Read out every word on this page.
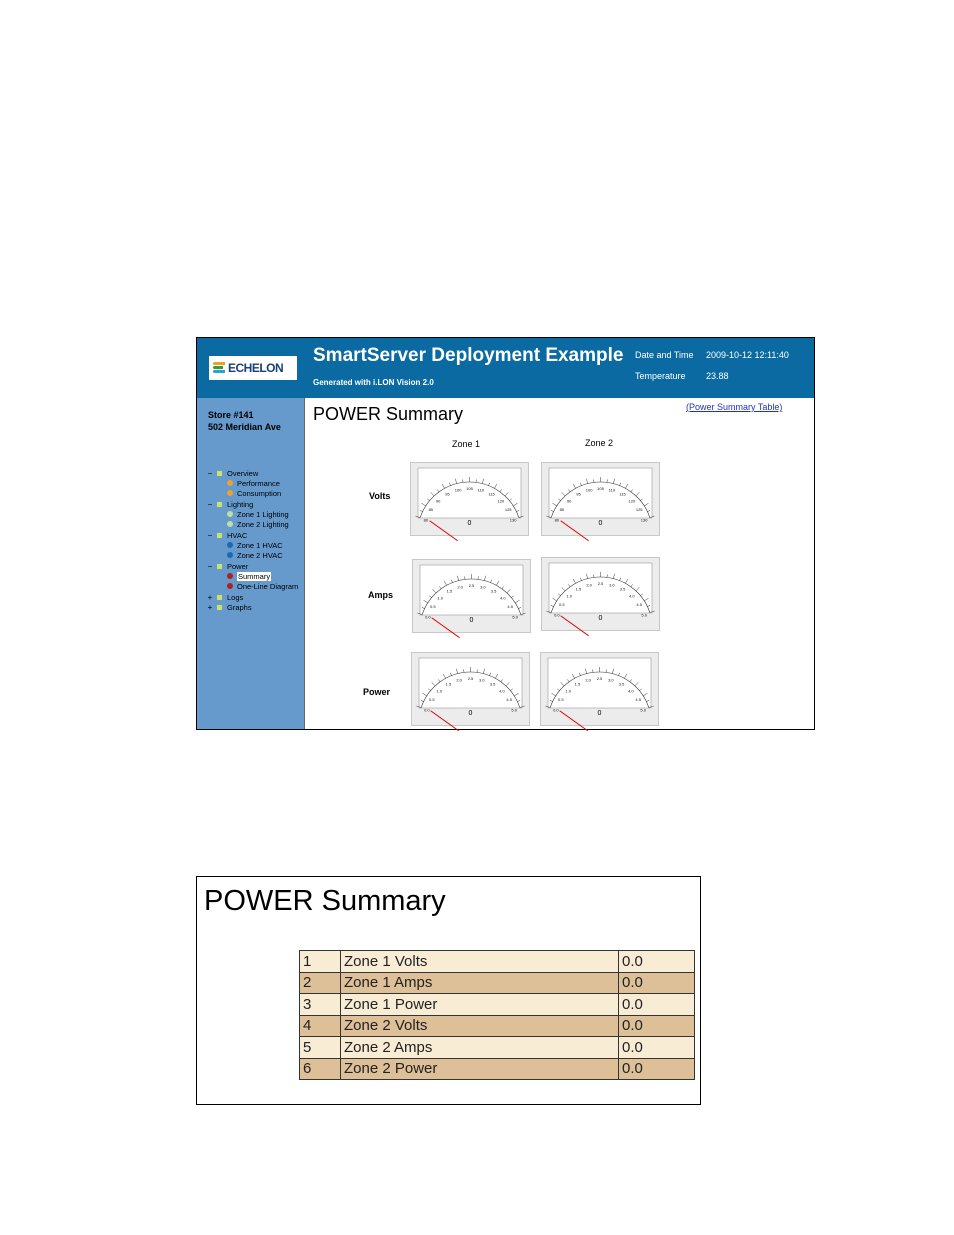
ECHELON
SmartServer Deployment Example
Generated with i.LON Vision 2.0
Date and Time 2009-10-12 12:11:40
Temperature 23.88
Store #141
502 Meridian Ave
− Overview
Performance
Consumption
− Lighting
Zone 1 Lighting
Zone 2 Lighting
− HVAC
Zone 1 HVAC
Zone 2 HVAC
− Power
Summary
One-Line Diagram
+ Logs
+ Graphs
POWER Summary	(Power Summary Table)
Zone 1	Zone 2
Volts
Amps
Power
80
85
90
95
100 105 110
115
120
125
130
0
80
85
90
95
100 105 110
115
120
125
130
0
0.0
0.5
1.0
1.5
2.0 2.5 3.0
3.5
4.0
4.5
5.0
0
0.0
0.5
1.0
1.5
2.0 2.5 3.0
3.5
4.0
4.5
5.0
0
0.0
0.5
1.0
1.5
2.0 2.5 3.0
3.5
4.0
4.5
5.0
0
0.0
0.5
1.0
1.5
2.0 2.5 3.0
3.5
4.0
4.5
5.0
0
POWER Summary
1	Zone 1 Volts	0.0
2	Zone 1 Amps	0.0
3	Zone 1 Power	0.0
4	Zone 2 Volts	0.0
5	Zone 2 Amps	0.0
6	Zone 2 Power	0.0
